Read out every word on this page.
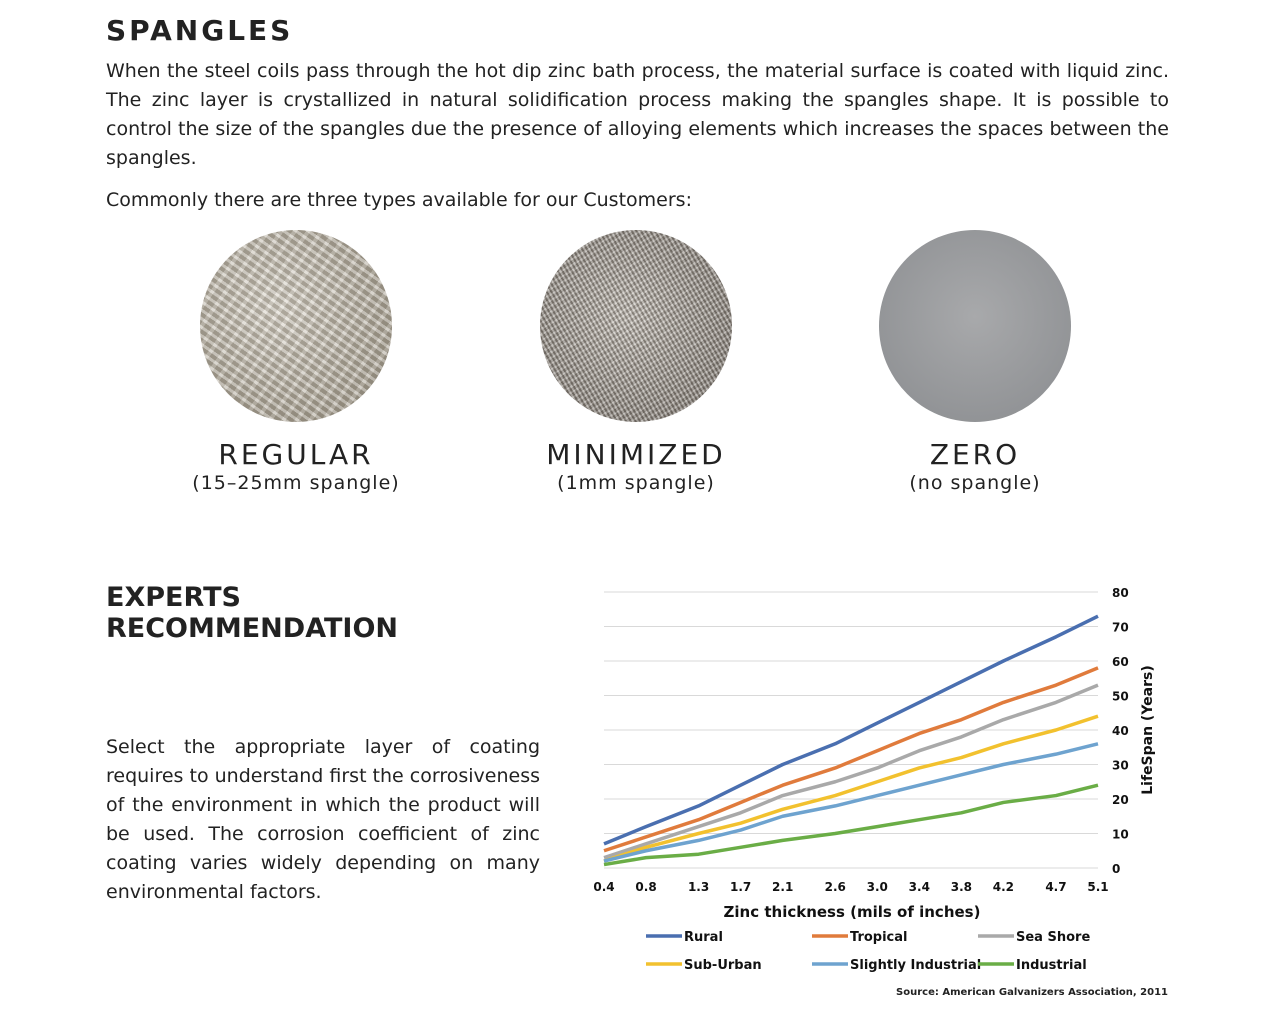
SPANGLES

When the steel coils pass through the hot dip zinc bath process, the material surface is coated with liquid zinc. The zinc layer is crystallized in natural solidification process making the spangles shape. It is possible to control the size of the spangles due the presence of alloying elements which increases the spaces between the spangles.

Commonly there are three types available for our Customers:

REGULAR
(15–25mm spangle)
MINIMIZED
(1mm spangle)
ZERO
(no spangle)
EXPERTS
RECOMMENDATION

Select the appropriate layer of coating requires to understand first the corrosiveness of the environment in which the product will be used. The corrosion coefficient of zinc coating varies widely depending on many environmental factors.

0
10
20
30
40
50
60
70
80
0.4 0.8	1.3 1.7 2.1	2.6 3.0 3.4 3.8 4.2	4.7 5.1
Zinc thickness (mils of inches)
LifeSpan (Years)
Rural	Tropical	Sea Shore
Sub-Urban	Slightly Industrial	Industrial

Source: American Galvanizers Association, 2011
